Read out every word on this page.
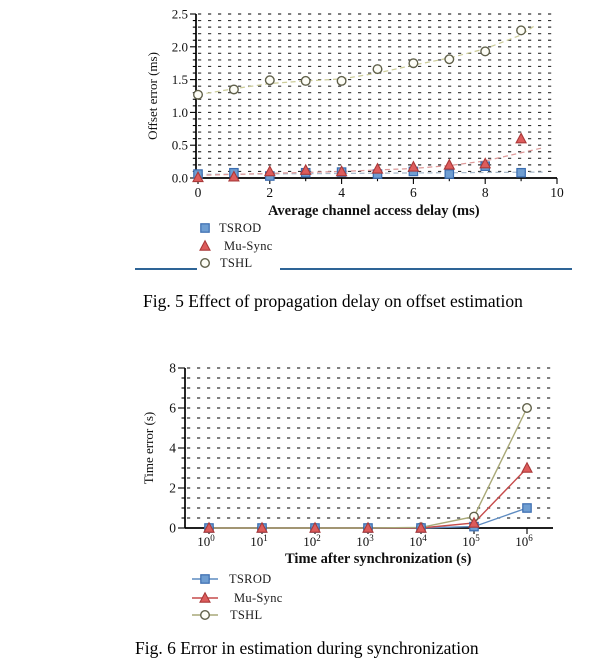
0.0
0.5
1.0
1.5
2.0
2.5
0	2	4	6	8	10
Average channel access delay (ms)
Offset error (ms)
TSROD
Mu-Sync
TSHL
Fig. 5 Effect of propagation delay on offset estimation
0
2
4
6
8
$10^0$	$10^1$	$10^2$	$10^3$	$10^4$	$10^5$	$10^6$
Time after synchronization (s)
Time error (s)
TSROD
Mu-Sync
TSHL
Fig. 6 Error in estimation during synchronization
